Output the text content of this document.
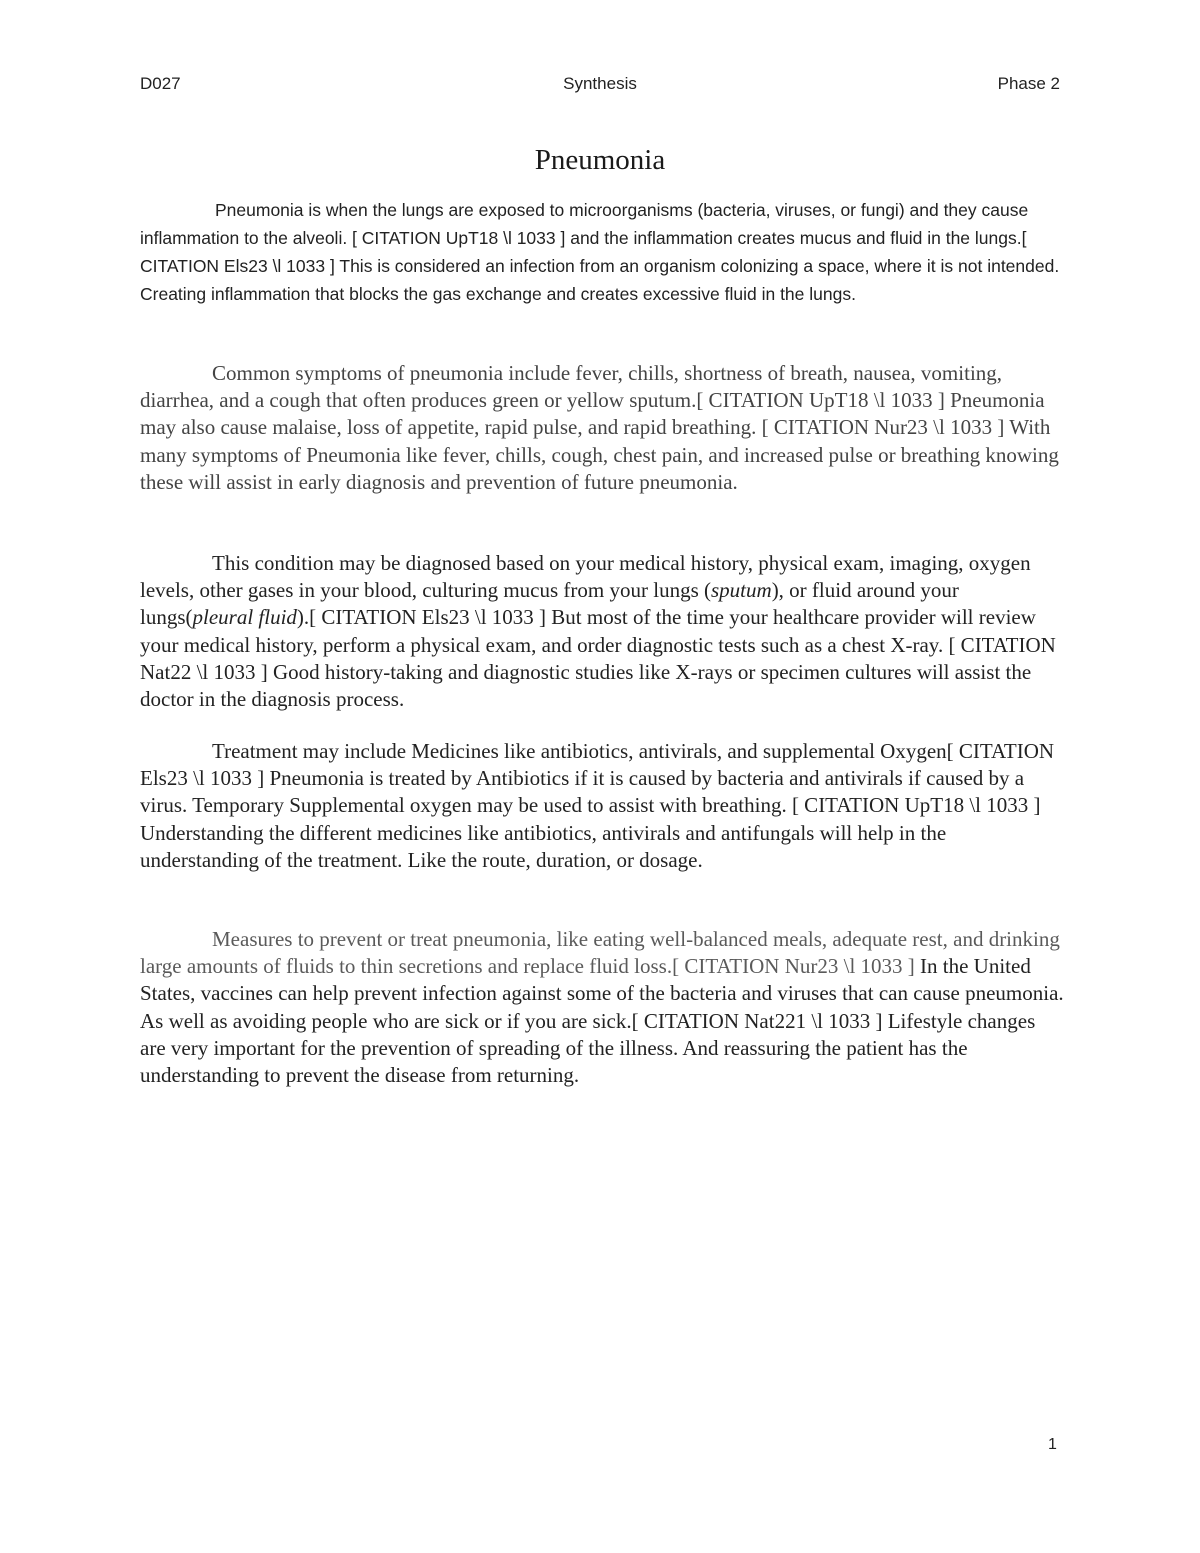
D027	Synthesis	Phase 2
Pneumonia

Pneumonia is when the lungs are exposed to microorganisms (bacteria, viruses, or fungi) and they cause inflammation to the alveoli. [ CITATION UpT18 \l 1033 ] and the inflammation creates mucus and fluid in the lungs.[ CITATION Els23 \l 1033 ] This is considered an infection from an organism colonizing a space, where it is not intended. Creating inflammation that blocks the gas exchange and creates excessive fluid in the lungs.

Common symptoms of pneumonia include fever, chills, shortness of breath, nausea, vomiting, diarrhea, and a cough that often produces green or yellow sputum.[ CITATION UpT18 \l 1033 ] Pneumonia may also cause malaise, loss of appetite, rapid pulse, and rapid breathing. [ CITATION Nur23 \l 1033 ] With many symptoms of Pneumonia like fever, chills, cough, chest pain, and increased pulse or breathing knowing these will assist in early diagnosis and prevention of future pneumonia.

This condition may be diagnosed based on your medical history, physical exam, imaging, oxygen levels, other gases in your blood, culturing mucus from your lungs (sputum), or fluid around your lungs(pleural fluid).[ CITATION Els23 \l 1033 ] But most of the time your healthcare provider will review your medical history, perform a physical exam, and order diagnostic tests such as a chest X-ray. [ CITATION Nat22 \l 1033 ] Good history-taking and diagnostic studies like X-rays or specimen cultures will assist the doctor in the diagnosis process.

Treatment may include Medicines like antibiotics, antivirals, and supplemental Oxygen[ CITATION Els23 \l 1033 ] Pneumonia is treated by Antibiotics if it is caused by bacteria and antivirals if caused by a virus. Temporary Supplemental oxygen may be used to assist with breathing. [ CITATION UpT18 \l 1033 ] Understanding the different medicines like antibiotics, antivirals and antifungals will help in the understanding of the treatment. Like the route, duration, or dosage.

Measures to prevent or treat pneumonia, like eating well-balanced meals, adequate rest, and drinking large amounts of fluids to thin secretions and replace fluid loss.[ CITATION Nur23 \l 1033 ] In the United States, vaccines can help prevent infection against some of the bacteria and viruses that can cause pneumonia. As well as avoiding people who are sick or if you are sick.[ CITATION Nat221 \l 1033 ] Lifestyle changes are very important for the prevention of spreading of the illness. And reassuring the patient has the understanding to prevent the disease from returning.

1
